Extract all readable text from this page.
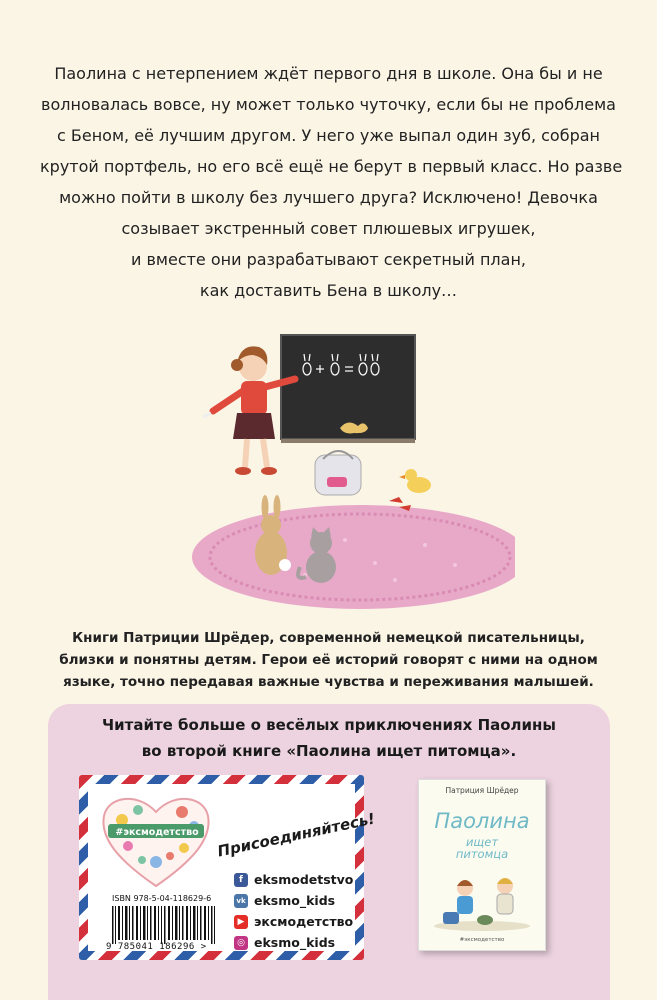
Паолина с нетерпением ждёт первого дня в школе. Она бы и не
волновалась вовсе, ну может только чуточку, если бы не проблема
с Беном, её лучшим другом. У него уже выпал один зуб, собран
крутой портфель, но его всё ещё не берут в первый класс. Но разве
можно пойти в школу без лучшего друга? Исключено! Девочка
созывает экстренный совет плюшевых игрушек,
и вместе они разрабатывают секретный план,
как доставить Бена в школу…
Книги Патриции Шрёдер, современной немецкой писательницы,
близки и понятны детям. Герои её историй говорят с ними на одном
языке, точно передавая важные чувства и переживания малышей.
Читайте больше о весёлых приключениях Паолины
во второй книге «Паолина ищет питомца».
#эксмодетство	Присоединяйтесь!
ISBN 978-5-04-118629-6
9 785041 186296 >
f eksmodetstvo
vk eksmo_kids
▶ эксмодетство
◎ eksmo_kids
Патриция Шрёдер
Паолина
ищет
питомца
#эксмодетство
